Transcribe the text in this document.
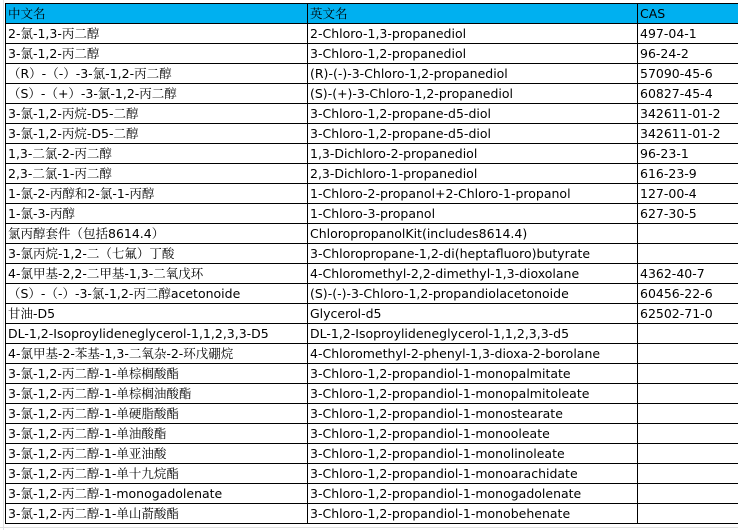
中文名	英文名	CAS
2-氯-1,3-丙二醇	2-Chloro-1,3-propanediol	497-04-1
3-氯-1,2-丙二醇	3-Chloro-1,2-propanediol	96-24-2
（R）-（-）-3-氯-1,2-丙二醇	(R)-(-)-3-Chloro-1,2-propanediol	57090-45-6
（S）-（+）-3-氯-1,2-丙二醇	(S)-(+)-3-Chloro-1,2-propanediol	60827-45-4
3-氯-1,2-丙烷-D5-二醇	3-Chloro-1,2-propane-d5-diol	342611-01-2
3-氯-1,2-丙烷-D5-二醇	3-Chloro-1,2-propane-d5-diol	342611-01-2
1,3-二氯-2-丙二醇	1,3-Dichloro-2-propanediol	96-23-1
2,3-二氯-1-丙二醇	2,3-Dichloro-1-propanediol	616-23-9
1-氯-2-丙醇和2-氯-1-丙醇	1-Chloro-2-propanol+2-Chloro-1-propanol	127-00-4
1-氯-3-丙醇	1-Chloro-3-propanol	627-30-5
氯丙醇套件（包括8614.4）	ChloropropanolKit(includes8614.4)	
3-氯丙烷-1,2-二（七氟）丁酸	3-Chloropropane-1,2-di(heptafluoro)butyrate	
4-氯甲基-2,2-二甲基-1,3-二氧戊环	4-Chloromethyl-2,2-dimethyl-1,3-dioxolane	4362-40-7
（S）-（-）-3-氯-1,2-丙二醇acetonoide	(S)-(-)-3-Chloro-1,2-propandiolacetonoide	60456-22-6
甘油-D5	Glycerol-d5	62502-71-0
DL-1,2-Isoproylideneglycerol-1,1,2,3,3-D5	DL-1,2-Isoproylideneglycerol-1,1,2,3,3-d5	
4-氯甲基-2-苯基-1,3-二氧杂-2-环戊硼烷	4-Chloromethyl-2-phenyl-1,3-dioxa-2-borolane	
3-氯-1,2-丙二醇-1-单棕榈酸酯	3-Chloro-1,2-propandiol-1-monopalmitate	
3-氯-1,2-丙二醇-1-单棕榈油酸酯	3-Chloro-1,2-propandiol-1-monopalmitoleate	
3-氯-1,2-丙二醇-1-单硬脂酸酯	3-Chloro-1,2-propandiol-1-monostearate	
3-氯-1,2-丙二醇-1-单油酸酯	3-Chloro-1,2-propandiol-1-monooleate	
3-氯-1,2-丙二醇-1-单亚油酸	3-Chloro-1,2-propandiol-1-monolinoleate	
3-氯-1,2-丙二醇-1-单十九烷酯	3-Chloro-1,2-propandiol-1-monoarachidate	
3-氯-1,2-丙二醇-1-monogadolenate	3-Chloro-1,2-propandiol-1-monogadolenate	
3-氯-1,2-丙二醇-1-单山萮酸酯	3-Chloro-1,2-propandiol-1-monobehenate	
